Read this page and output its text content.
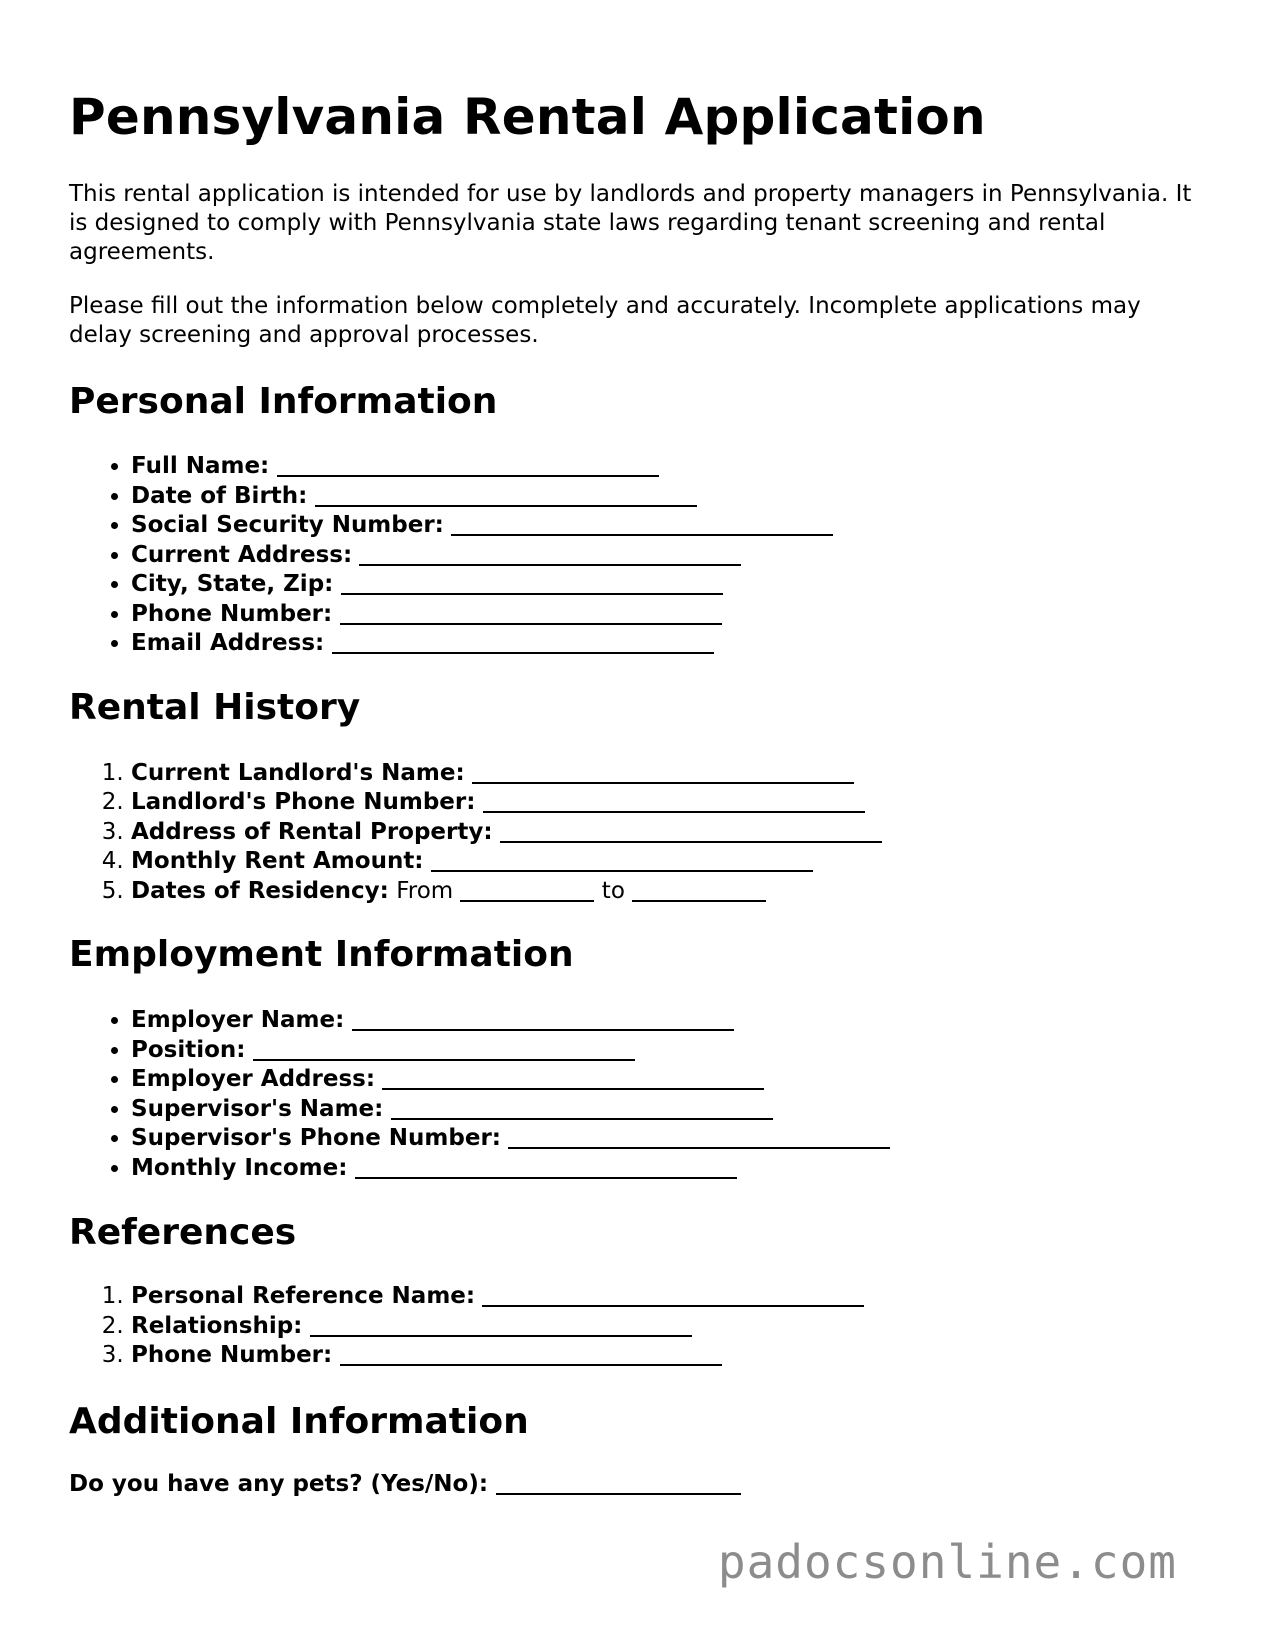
Pennsylvania Rental Application

This rental application is intended for use by landlords and property managers in Pennsylvania. It is designed to comply with Pennsylvania state laws regarding tenant screening and rental agreements.

Please fill out the information below completely and accurately. Incomplete applications may delay screening and approval processes.

Personal Information
• Full Name:
• Date of Birth:
• Social Security Number:
• Current Address:
• City, State, Zip:
• Phone Number:
• Email Address:
Rental History
1. Current Landlord's Name:
2. Landlord's Phone Number:
3. Address of Rental Property:
4. Monthly Rent Amount:
5. Dates of Residency: From	to
Employment Information
• Employer Name:
• Position:
• Employer Address:
• Supervisor's Name:
• Supervisor's Phone Number:
• Monthly Income:
References
1. Personal Reference Name:
2. Relationship:
3. Phone Number:
Additional Information

Do you have any pets? (Yes/No):

padocsonline.com
